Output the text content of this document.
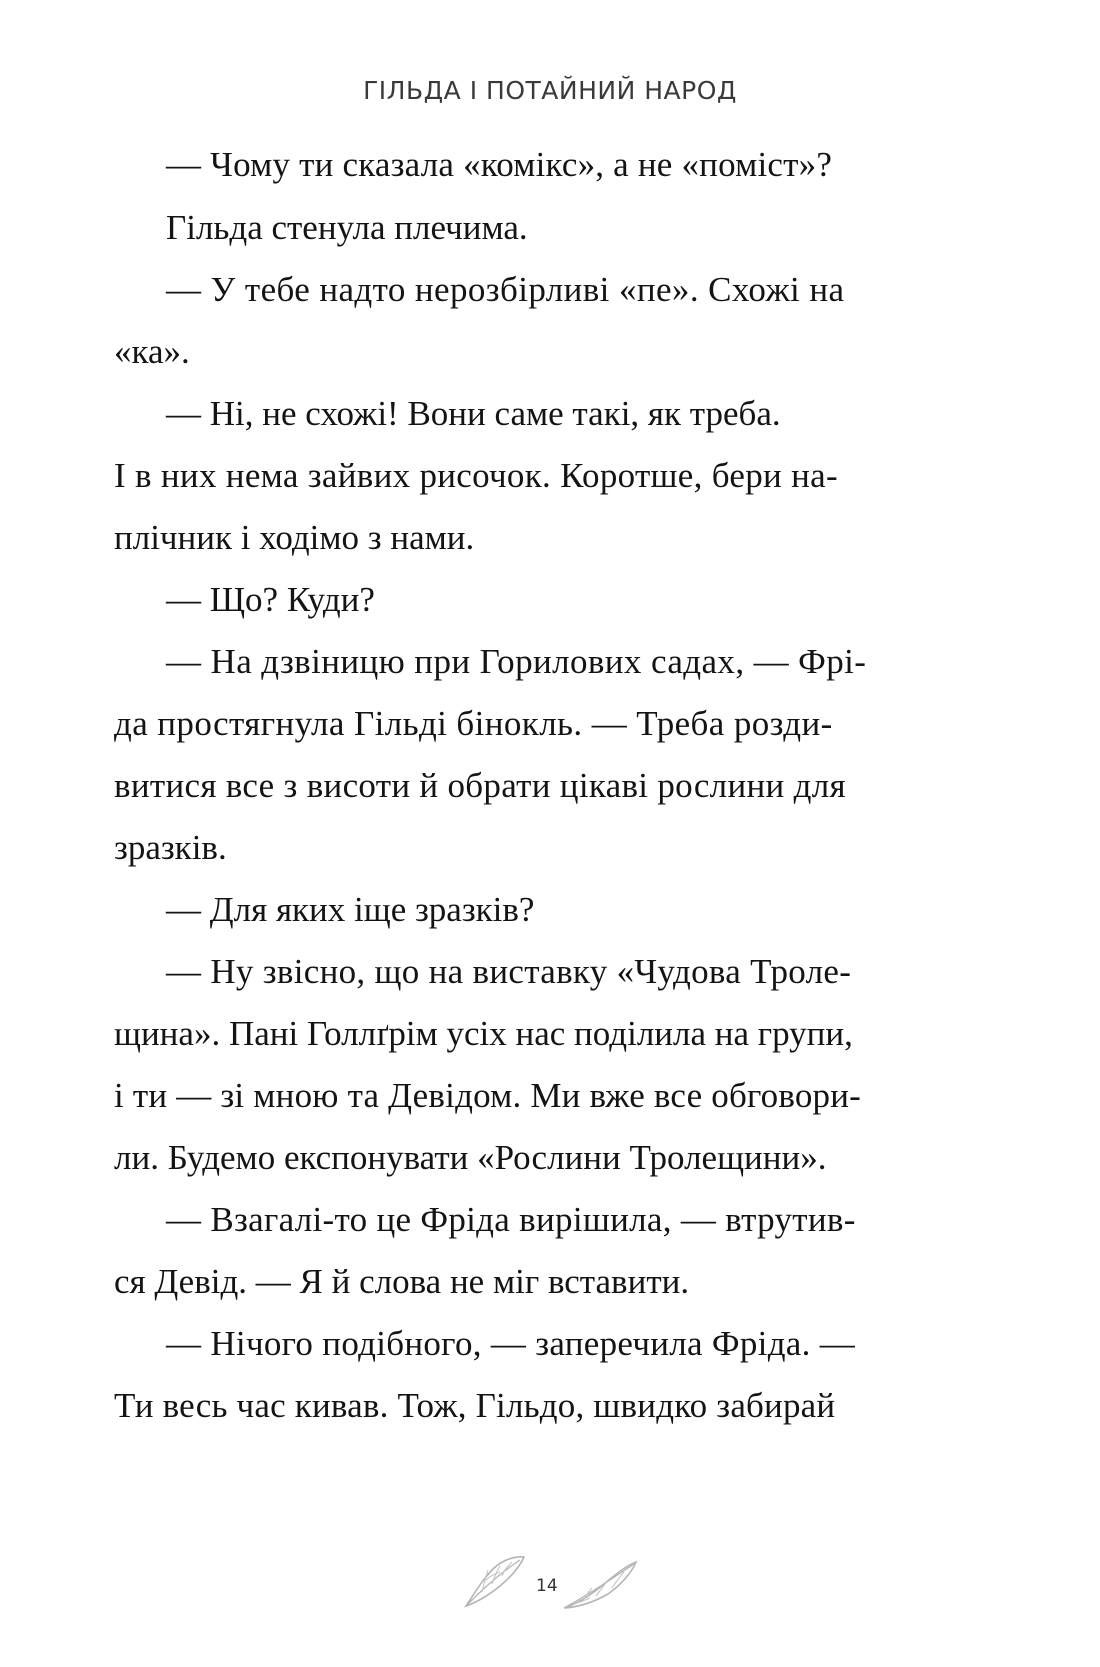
ГІЛЬДА І ПОТАЙНИЙ НАРОД
— Чому ти сказала «комікс», а не «поміст»?
Гільда стенула плечима.
— У тебе надто нерозбірливі «пе». Схожі на
«ка».
— Ні, не схожі! Вони саме такі, як треба.
І в них нема зайвих рисочок. Коротше, бери на-
плічник і ходімо з нами.
— Що? Куди?
— На дзвіницю при Горилових садах, — Фрі-
да простягнула Гільді бінокль. — Треба розди-
витися все з висоти й обрати цікаві рослини для
зразків.
— Для яких іще зразків?
— Ну звісно, що на виставку «Чудова Троле-
щина». Пані Голлґрім усіх нас поділила на групи,
і ти — зі мною та Девідом. Ми вже все обговори-
ли. Будемо експонувати «Рослини Тролещини».
— Взагалі-то це Фріда вирішила, — втрутив-
ся Девід. — Я й слова не міг вставити.
— Нічого подібного, — заперечила Фріда. —
Ти весь час кивав. Тож, Гільдо, швидко забирай
14
